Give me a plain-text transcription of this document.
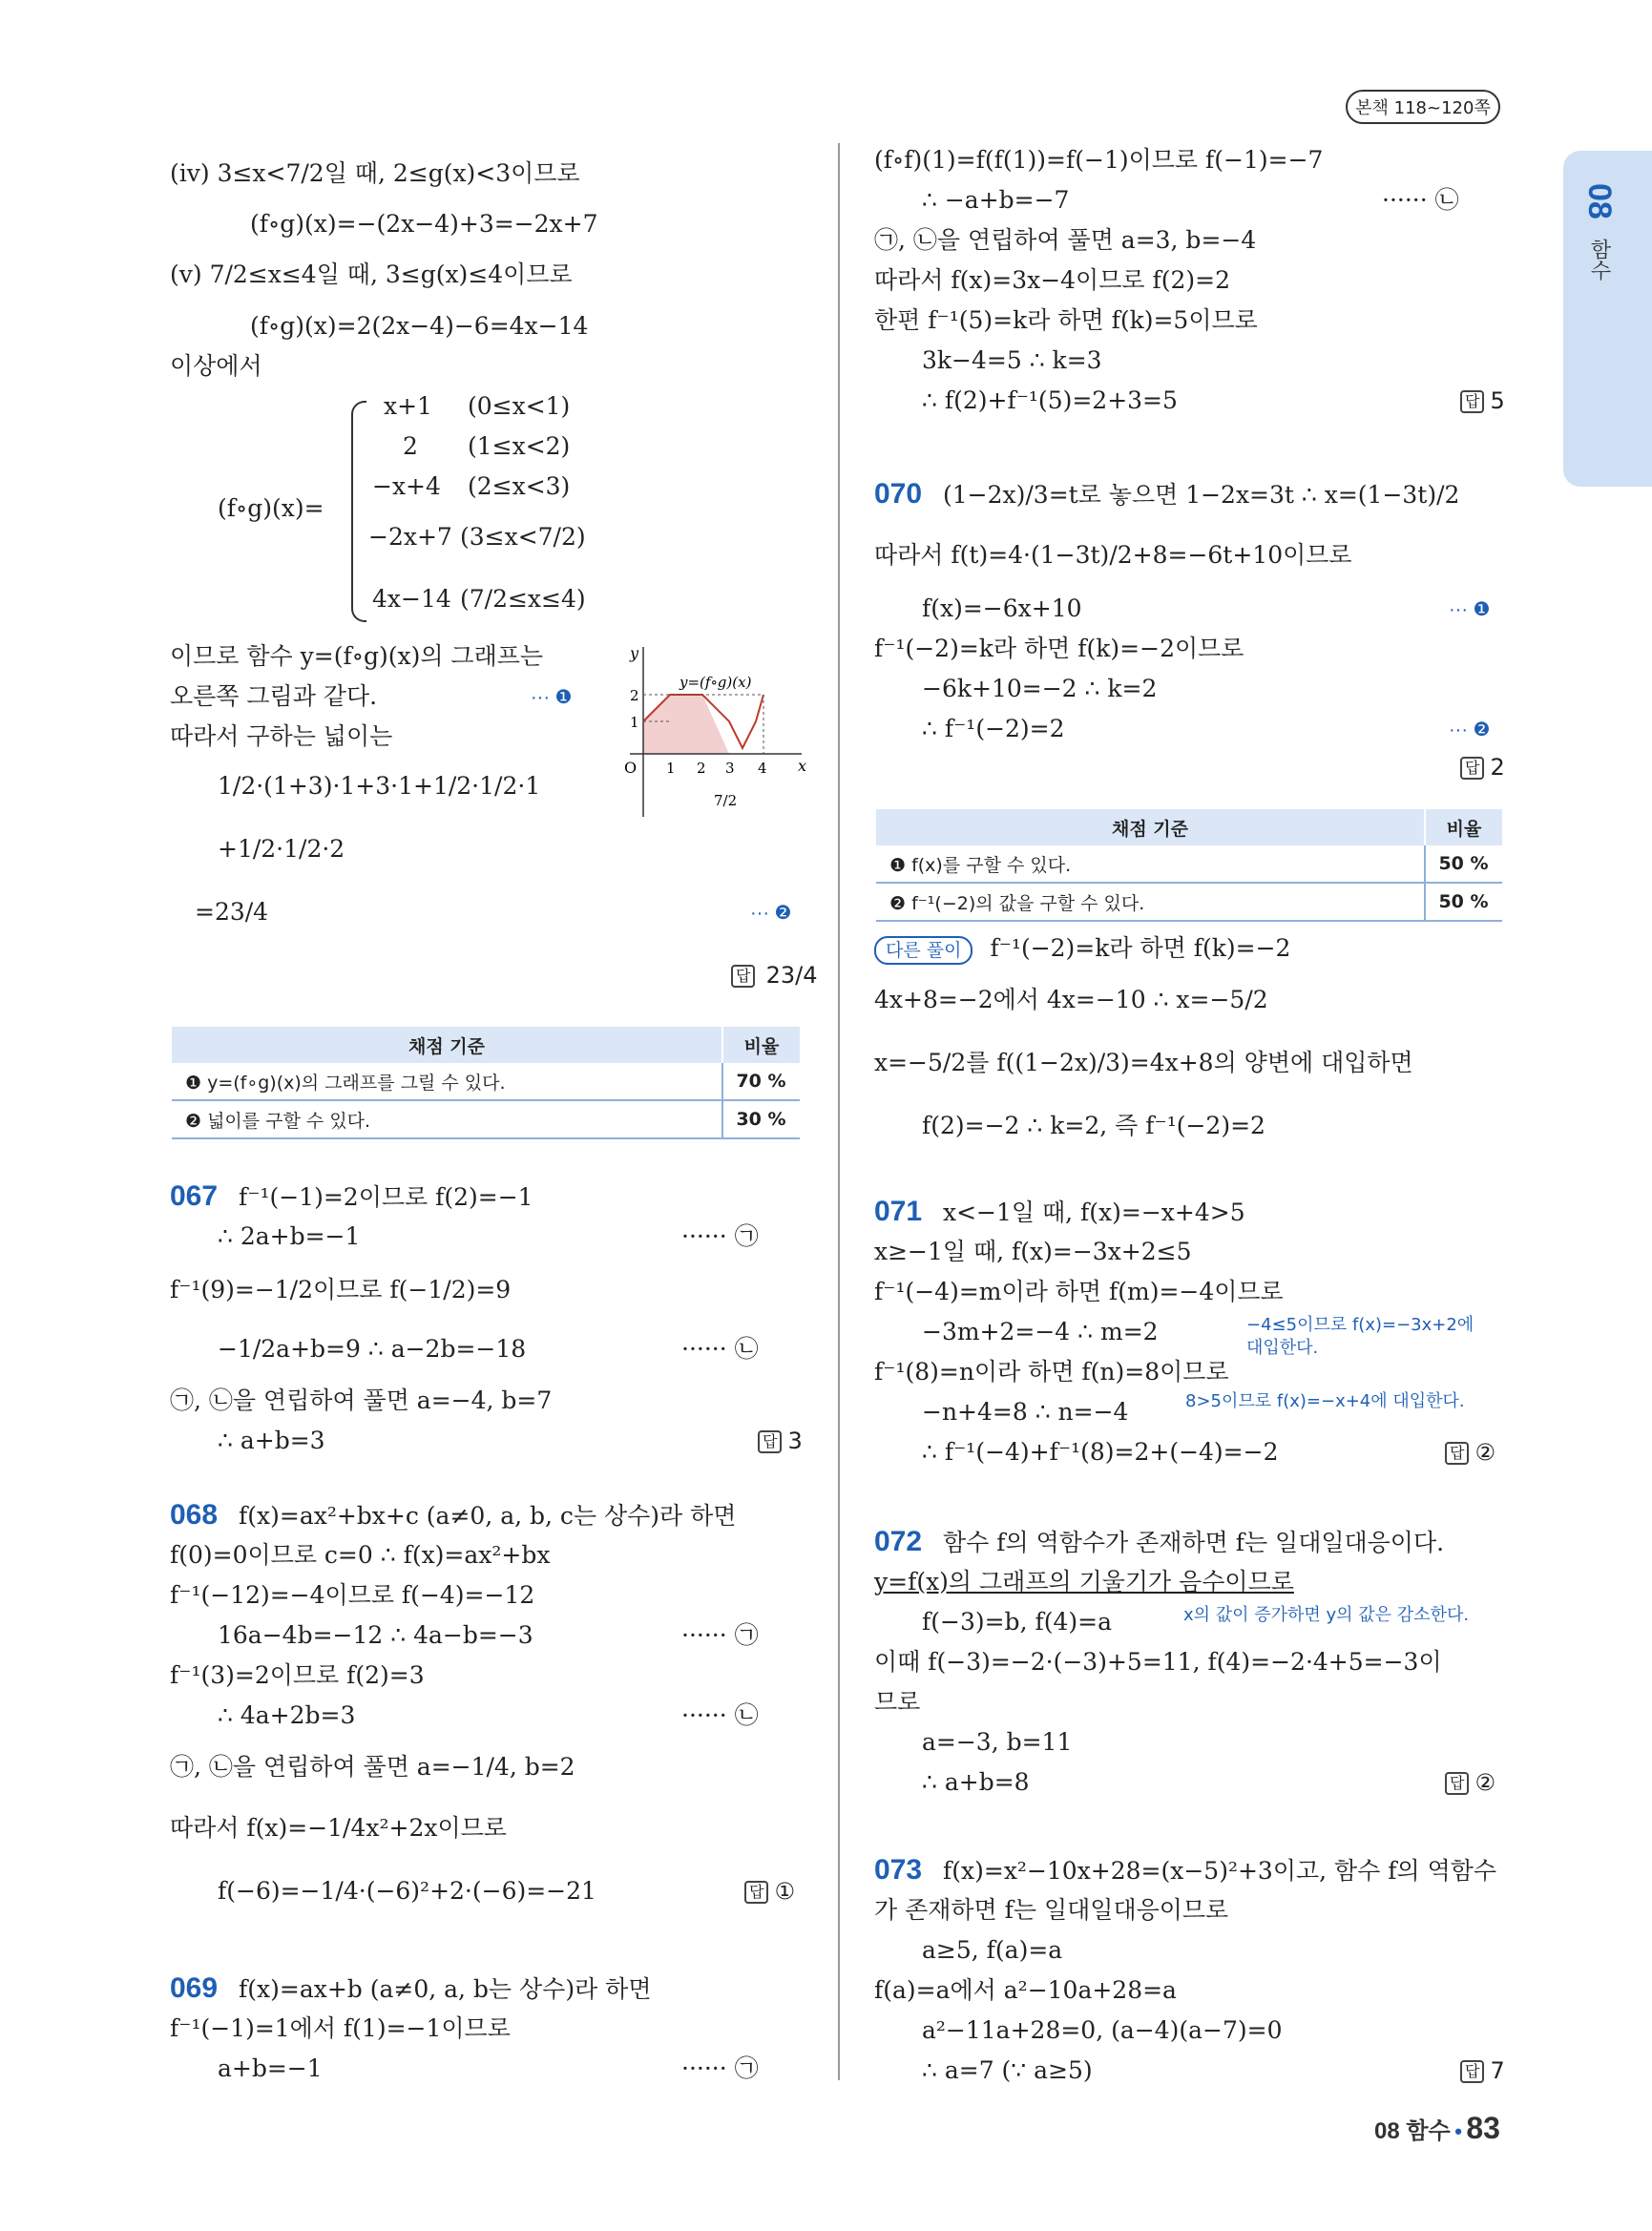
본책 118~120쪽
08
함수
(iv) 3≤x<7/2일 때, 2≤g(x)<3이므로
(f∘g)(x)=−(2x−4)+3=−2x+7
(v) 7/2≤x≤4일 때, 3≤g(x)≤4이므로
(f∘g)(x)=2(2x−4)−6=4x−14
이상에서
(f∘g)(x)=
x+1 (0≤x<1)
2 (1≤x<2)
−x+4 (2≤x<3)
−2x+7 (3≤x<7/2)
4x−14 (7/2≤x≤4)
이므로 함수 y=(f∘g)(x)의 그래프는
오른쪽 그림과 같다.	··· ❶
따라서 구하는 넓이는
1/2·(1+3)·1+3·1+1/2·1/2·1
+1/2·1/2·2
=23/4	··· ❷
답 23/4
y
x
O
y=(f∘g)(x)
2
1
1 2 3 4
7/2
채점 기준	비율
❶ y=(f∘g)(x)의 그래프를 그릴 수 있다.	70 %
❷ 넓이를 구할 수 있다.	30 %
067 f⁻¹(−1)=2이므로 f(2)=−1
∴ 2a+b=−1	······ ㉠
f⁻¹(9)=−1/2이므로 f(−1/2)=9
−1/2a+b=9 ∴ a−2b=−18	······ ㉡
㉠, ㉡을 연립하여 풀면 a=−4, b=7
∴ a+b=3	답 3
068 f(x)=ax²+bx+c (a≠0, a, b, c는 상수)라 하면
f(0)=0이므로 c=0 ∴ f(x)=ax²+bx
f⁻¹(−12)=−4이므로 f(−4)=−12
16a−4b=−12 ∴ 4a−b=−3	······ ㉠
f⁻¹(3)=2이므로 f(2)=3
∴ 4a+2b=3	······ ㉡
㉠, ㉡을 연립하여 풀면 a=−1/4, b=2
따라서 f(x)=−1/4x²+2x이므로
f(−6)=−1/4·(−6)²+2·(−6)=−21	답 ①
069 f(x)=ax+b (a≠0, a, b는 상수)라 하면
f⁻¹(−1)=1에서 f(1)=−1이므로
a+b=−1	······ ㉠
(f∘f)(1)=f(f(1))=f(−1)이므로 f(−1)=−7
∴ −a+b=−7	······ ㉡
㉠, ㉡을 연립하여 풀면 a=3, b=−4
따라서 f(x)=3x−4이므로 f(2)=2
한편 f⁻¹(5)=k라 하면 f(k)=5이므로
3k−4=5 ∴ k=3
∴ f(2)+f⁻¹(5)=2+3=5	답 5
070 (1−2x)/3=t로 놓으면 1−2x=3t ∴ x=(1−3t)/2
따라서 f(t)=4·(1−3t)/2+8=−6t+10이므로
f(x)=−6x+10	··· ❶
f⁻¹(−2)=k라 하면 f(k)=−2이므로
−6k+10=−2 ∴ k=2
∴ f⁻¹(−2)=2	··· ❷
답 2
채점 기준	비율
❶ f(x)를 구할 수 있다.	50 %
❷ f⁻¹(−2)의 값을 구할 수 있다.	50 %
다른 풀이 f⁻¹(−2)=k라 하면 f(k)=−2
4x+8=−2에서 4x=−10 ∴ x=−5/2
x=−5/2를 f((1−2x)/3)=4x+8의 양변에 대입하면
f(2)=−2 ∴ k=2, 즉 f⁻¹(−2)=2
071 x<−1일 때, f(x)=−x+4>5
x≥−1일 때, f(x)=−3x+2≤5
f⁻¹(−4)=m이라 하면 f(m)=−4이므로
−3m+2=−4 ∴ m=2	−4≤5이므로 f(x)=−3x+2에
대입한다.
f⁻¹(8)=n이라 하면 f(n)=8이므로
−n+4=8 ∴ n=−4	8>5이므로 f(x)=−x+4에 대입한다.
∴ f⁻¹(−4)+f⁻¹(8)=2+(−4)=−2	답 ②
072 함수 f의 역함수가 존재하면 f는 일대일대응이다.
y=f(x)의 그래프의 기울기가 음수이므로
f(−3)=b, f(4)=a	x의 값이 증가하면 y의 값은 감소한다.
이때 f(−3)=−2·(−3)+5=11, f(4)=−2·4+5=−3이
므로
a=−3, b=11
∴ a+b=8	답 ②
073 f(x)=x²−10x+28=(x−5)²+3이고, 함수 f의 역함수
가 존재하면 f는 일대일대응이므로
a≥5, f(a)=a
f(a)=a에서 a²−10a+28=a
a²−11a+28=0, (a−4)(a−7)=0
∴ a=7 (∵ a≥5)	답 7
08 함수 • 83
